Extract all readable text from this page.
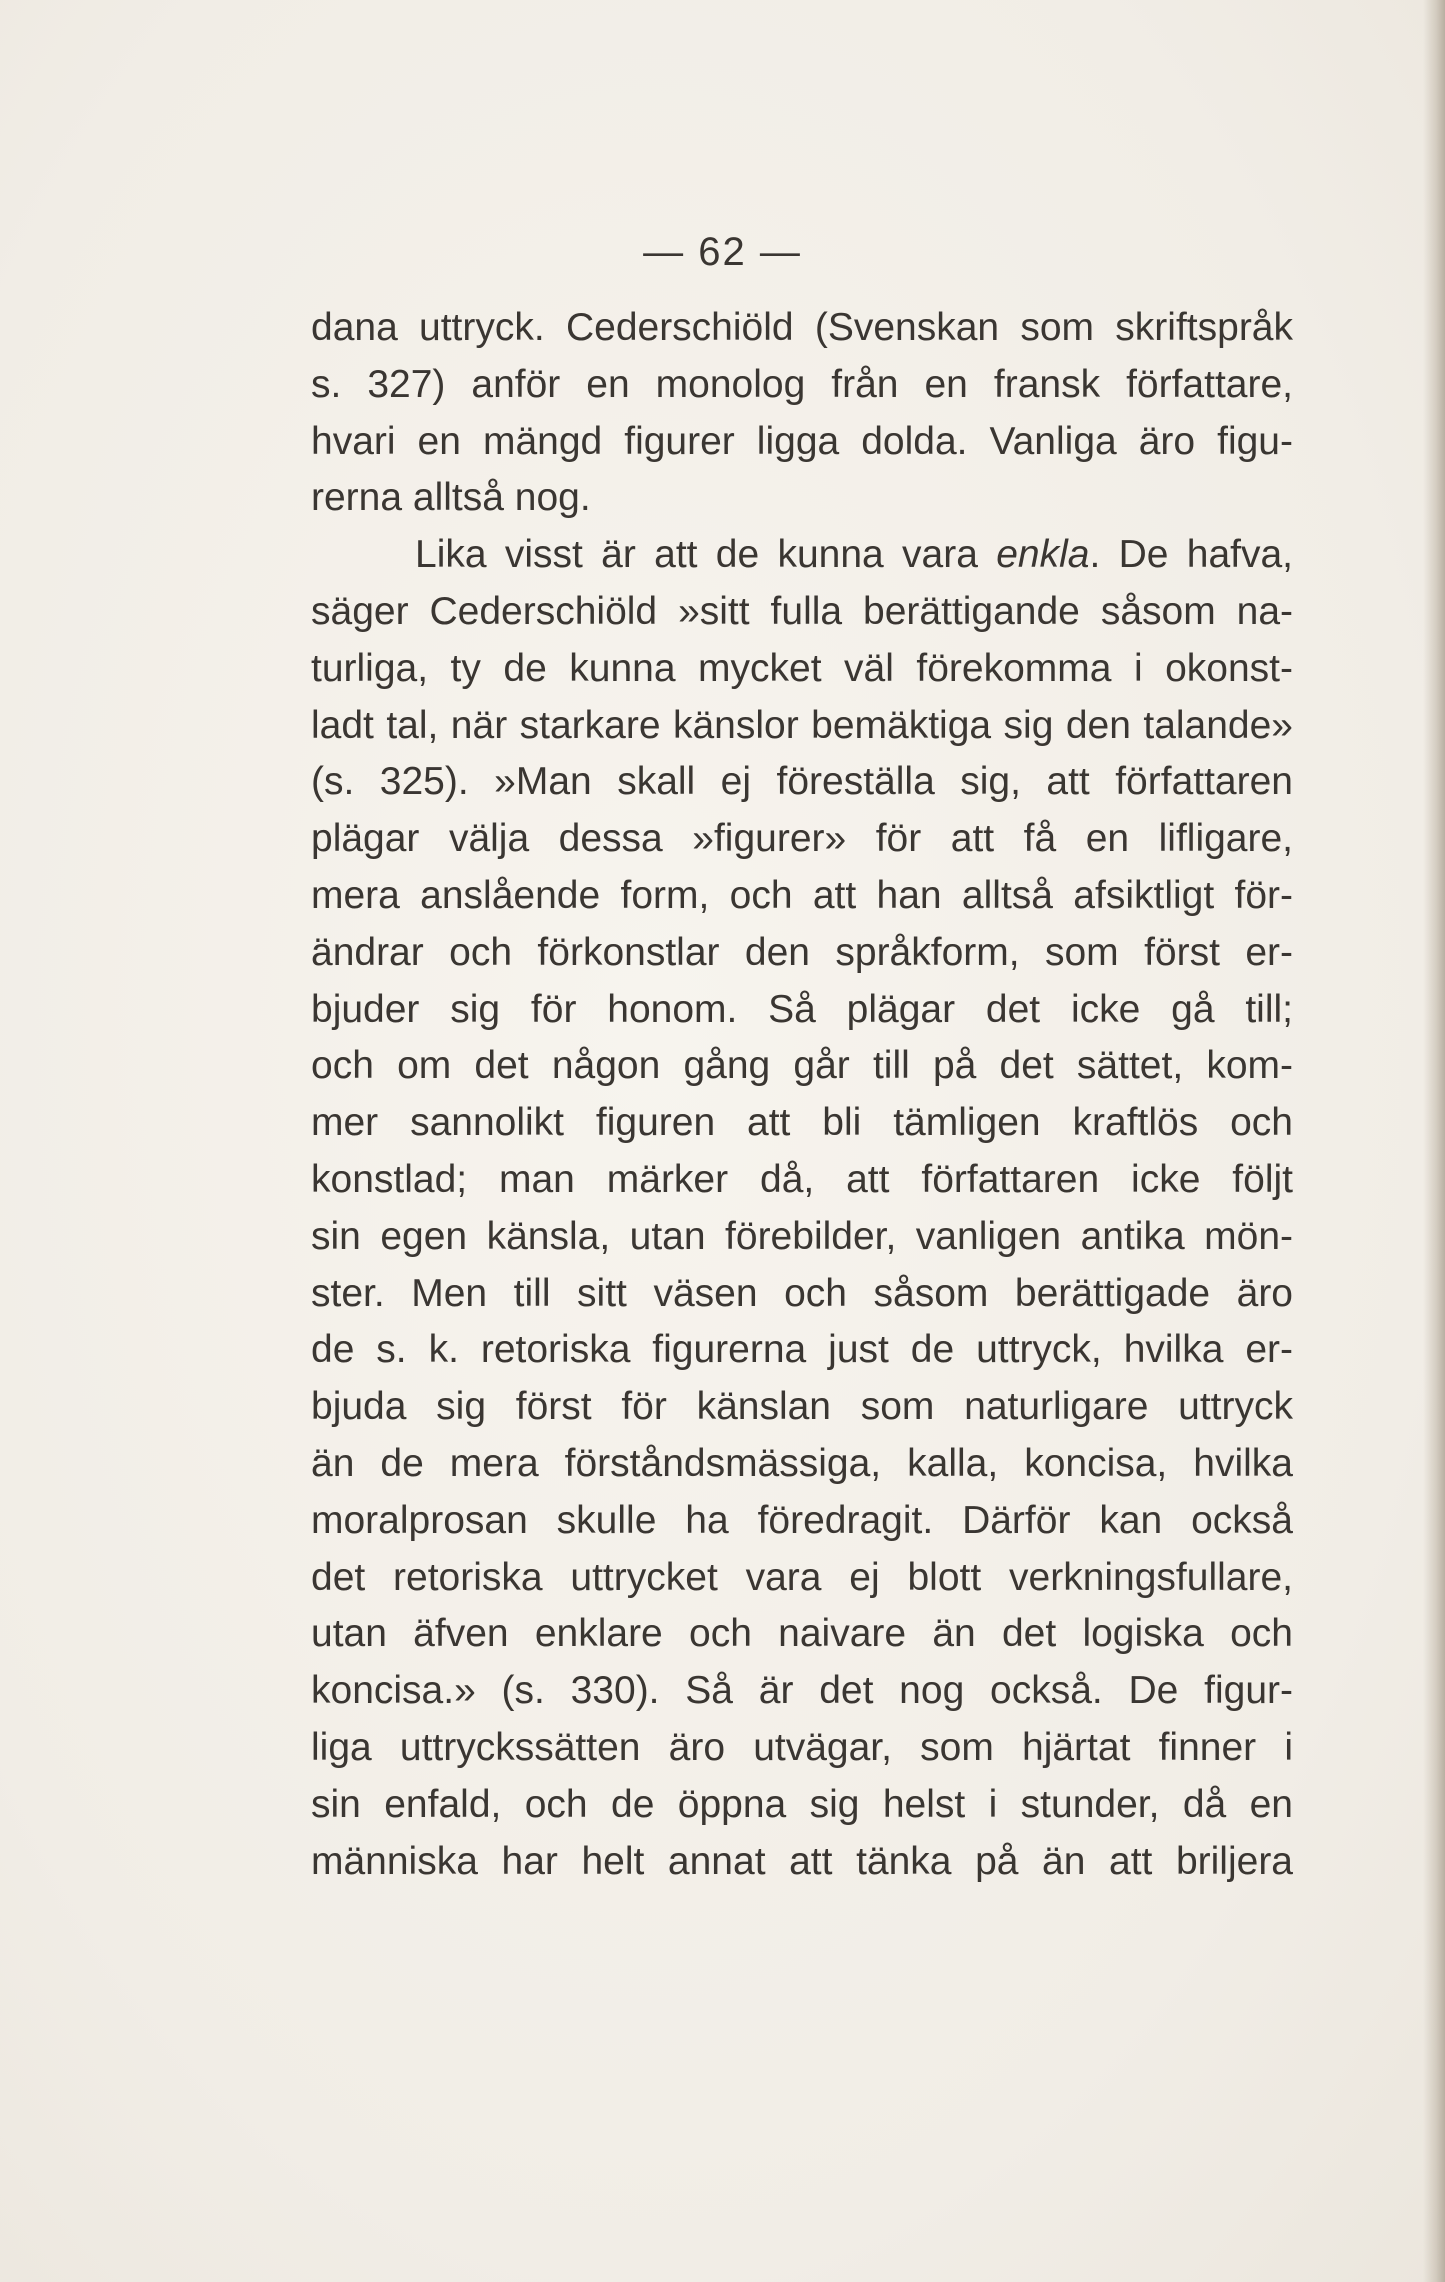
— 62 —
dana uttryck. Cederschiöld (Svenskan som skriftspråk
s. 327) anför en monolog från en fransk författare,
hvari en mängd figurer ligga dolda. Vanliga äro figu-
rerna alltså nog.
Lika visst är att de kunna vara enkla. De hafva,
säger Cederschiöld »sitt fulla berättigande såsom na-
turliga, ty de kunna mycket väl förekomma i okonst-
ladt tal, när starkare känslor bemäktiga sig den talande»
(s. 325). »Man skall ej föreställa sig, att författaren
plägar välja dessa »figurer» för att få en lifligare,
mera anslående form, och att han alltså afsiktligt för-
ändrar och förkonstlar den språkform, som först er-
bjuder sig för honom. Så plägar det icke gå till;
och om det någon gång går till på det sättet, kom-
mer sannolikt figuren att bli tämligen kraftlös och
konstlad; man märker då, att författaren icke följt
sin egen känsla, utan förebilder, vanligen antika mön-
ster. Men till sitt väsen och såsom berättigade äro
de s. k. retoriska figurerna just de uttryck, hvilka er-
bjuda sig först för känslan som naturligare uttryck
än de mera förståndsmässiga, kalla, koncisa, hvilka
moralprosan skulle ha föredragit. Därför kan också
det retoriska uttrycket vara ej blott verkningsfullare,
utan äfven enklare och naivare än det logiska och
koncisa.» (s. 330). Så är det nog också. De figur-
liga uttryckssätten äro utvägar, som hjärtat finner i
sin enfald, och de öppna sig helst i stunder, då en
människa har helt annat att tänka på än att briljera
